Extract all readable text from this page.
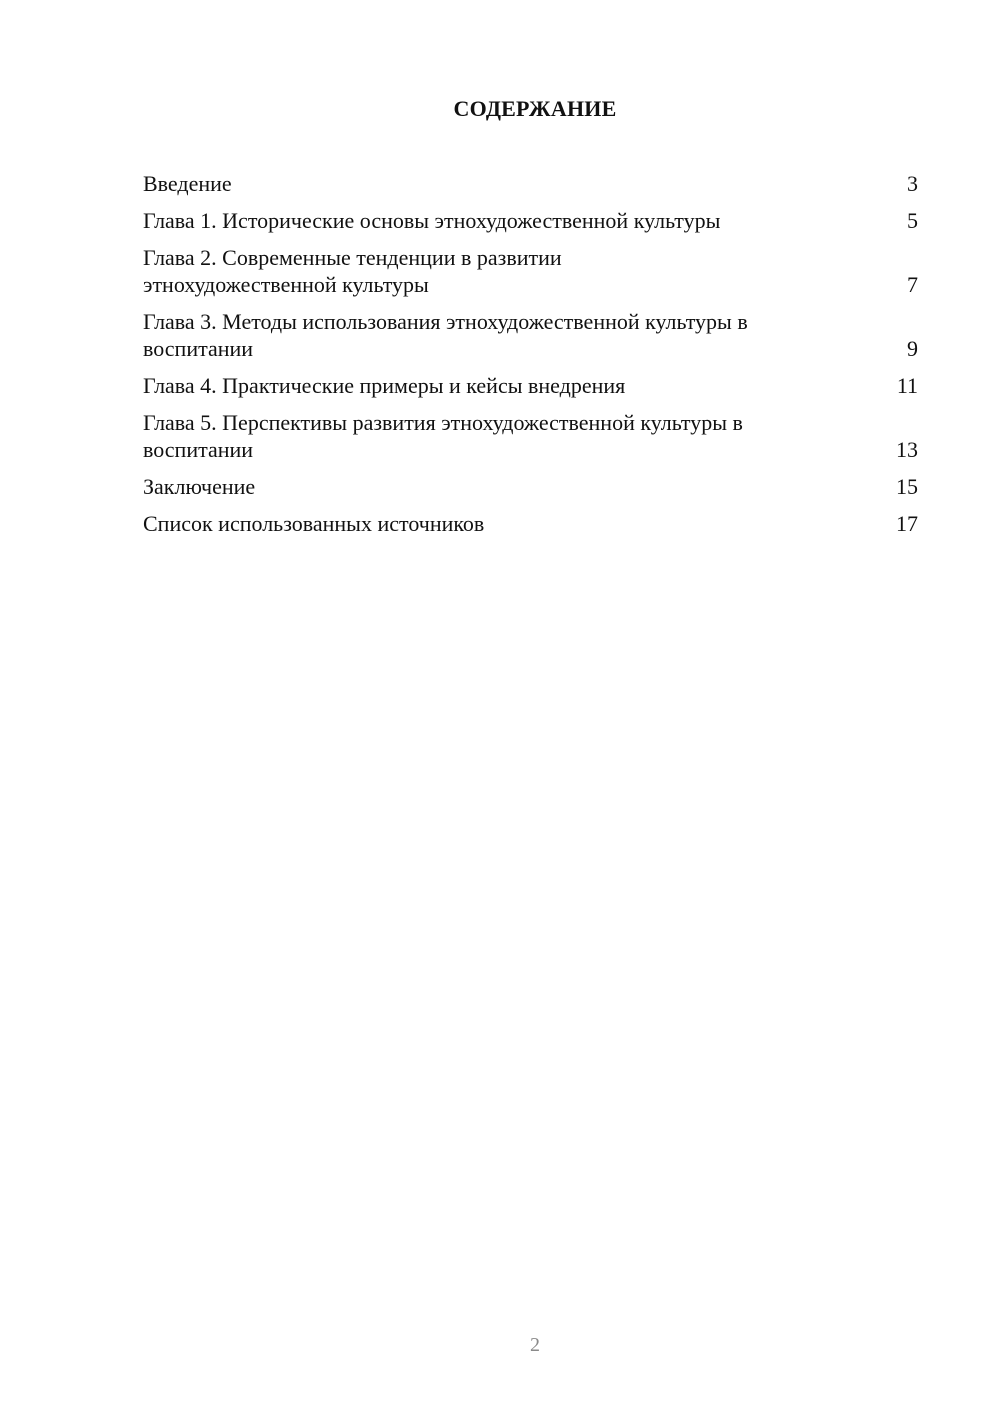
СОДЕРЖАНИЕ
Введение	3
Глава 1. Исторические основы этнохудожественной культуры	5
Глава 2. Современные тенденции в развитии этнохудожественной культуры	7
Глава 3. Методы использования этнохудожественной культуры в воспитании	9
Глава 4. Практические примеры и кейсы внедрения	11
Глава 5. Перспективы развития этнохудожественной культуры в воспитании	13
Заключение	15
Список использованных источников	17
2
